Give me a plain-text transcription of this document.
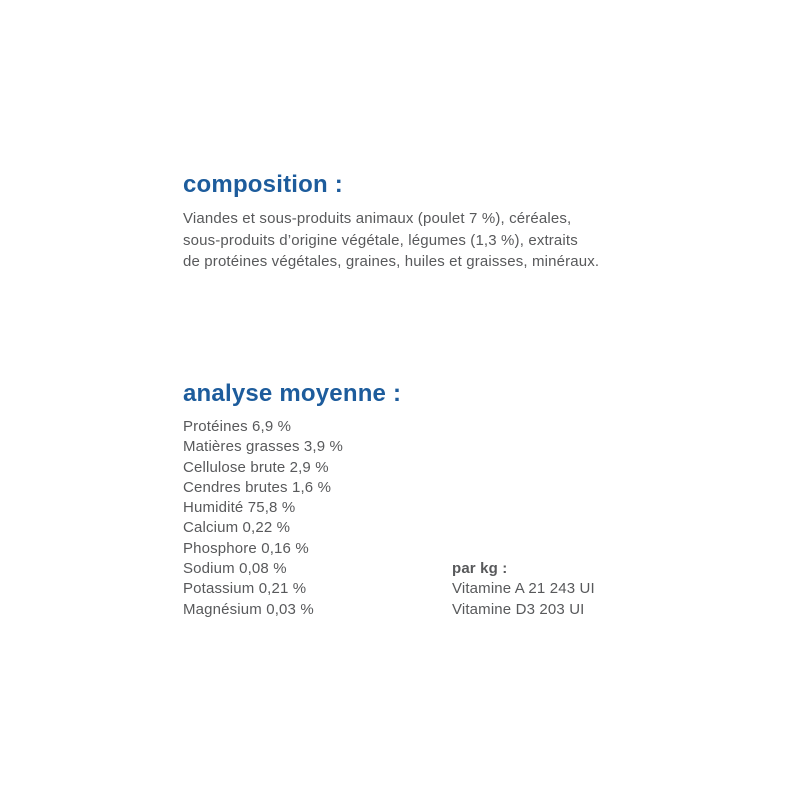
composition :
Viandes et sous-produits animaux (poulet 7 %), céréales,
sous-produits d’origine végétale, légumes (1,3 %), extraits
de protéines végétales, graines, huiles et graisses, minéraux.
analyse moyenne :
Protéines 6,9 %
Matières grasses 3,9 %
Cellulose brute 2,9 %
Cendres brutes 1,6 %
Humidité 75,8 %
Calcium 0,22 %
Phosphore 0,16 %
Sodium 0,08 %
Potassium 0,21 %
Magnésium 0,03 %
par kg :
Vitamine A 21 243 UI
Vitamine D3 203 UI
